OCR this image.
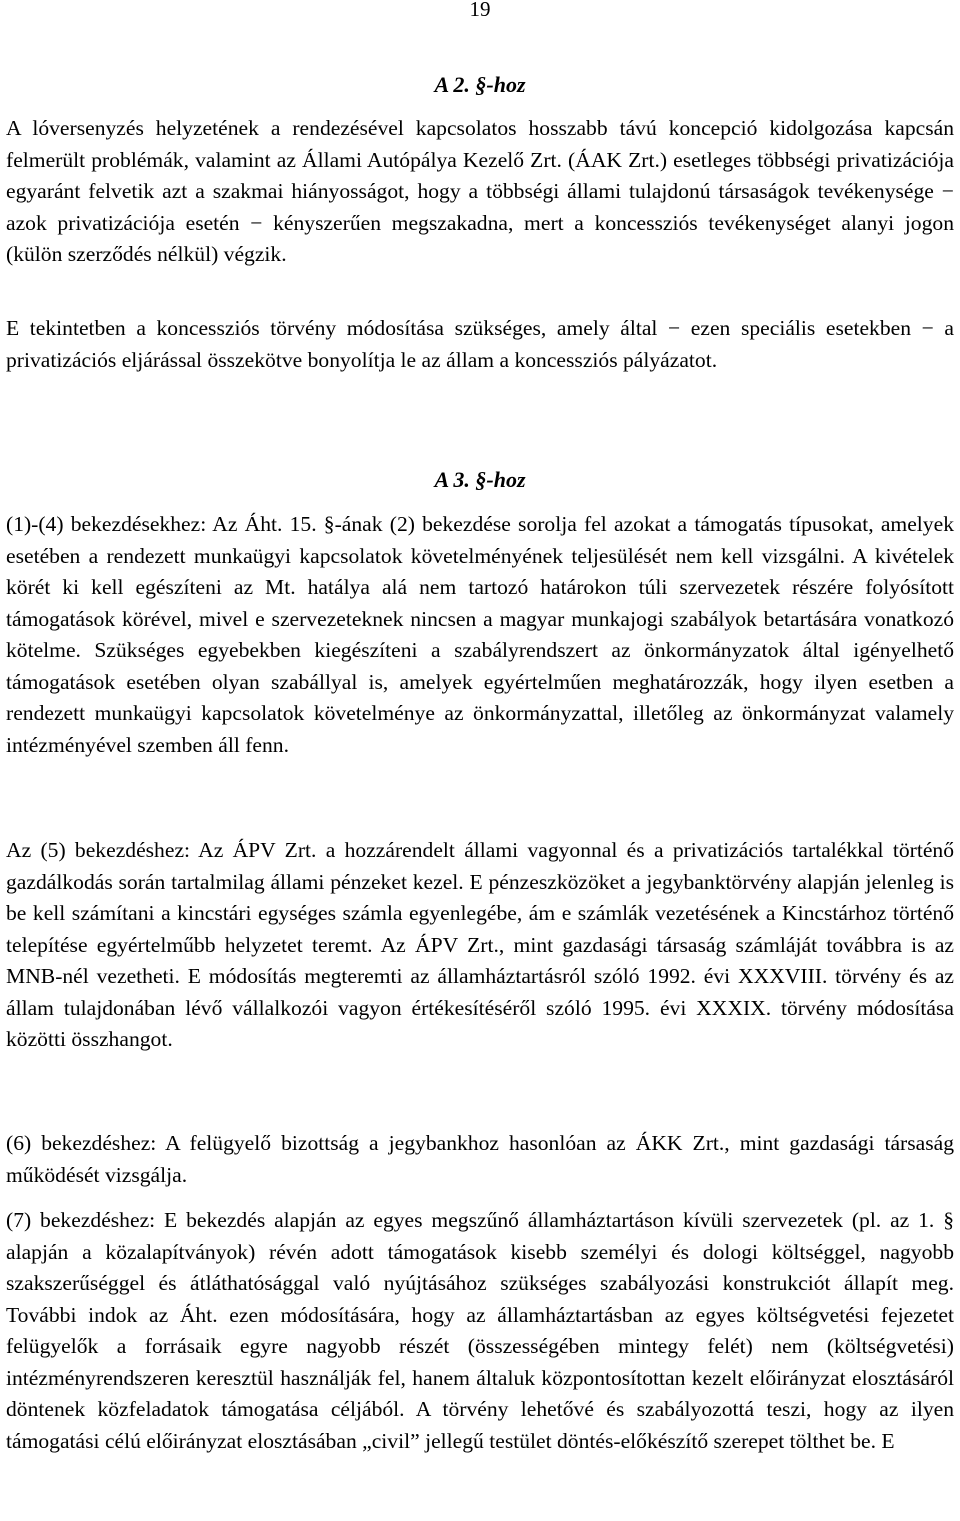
19
A 2. §-hoz

A lóversenyzés helyzetének a rendezésével kapcsolatos hosszabb távú koncepció kidolgozása kapcsán felmerült problémák, valamint az Állami Autópálya Kezelő Zrt. (ÁAK Zrt.) esetleges többségi privatizációja egyaránt felvetik azt a szakmai hiányosságot, hogy a többségi állami tulajdonú társaságok tevékenysége − azok privatizációja esetén − kényszerűen megszakadna, mert a koncessziós tevékenységet alanyi jogon (külön szerződés nélkül) végzik.

E tekintetben a koncessziós törvény módosítása szükséges, amely által − ezen speciális esetekben − a privatizációs eljárással összekötve bonyolítja le az állam a koncessziós pályázatot.

A 3. §-hoz

(1)-(4) bekezdésekhez: Az Áht. 15. §-ának (2) bekezdése sorolja fel azokat a támogatás típusokat, amelyek esetében a rendezett munkaügyi kapcsolatok követelményének teljesülését nem kell vizsgálni. A kivételek körét ki kell egészíteni az Mt. hatálya alá nem tartozó határokon túli szervezetek részére folyósított támogatások körével, mivel e szervezeteknek nincsen a magyar munkajogi szabályok betartására vonatkozó kötelme. Szükséges egyebekben kiegészíteni a szabályrendszert az önkormányzatok által igényelhető támogatások esetében olyan szabállyal is, amelyek egyértelműen meghatározzák, hogy ilyen esetben a rendezett munkaügyi kapcsolatok követelménye az önkormányzattal, illetőleg az önkormányzat valamely intézményével szemben áll fenn.

Az (5) bekezdéshez: Az ÁPV Zrt. a hozzárendelt állami vagyonnal és a privatizációs tartalékkal történő gazdálkodás során tartalmilag állami pénzeket kezel. E pénzeszközöket a jegybanktörvény alapján jelenleg is be kell számítani a kincstári egységes számla egyenlegébe, ám e számlák vezetésének a Kincstárhoz történő telepítése egyértelműbb helyzetet teremt. Az ÁPV Zrt., mint gazdasági társaság számláját továbbra is az MNB-nél vezetheti. E módosítás megteremti az államháztartásról szóló 1992. évi XXXVIII. törvény és az állam tulajdonában lévő vállalkozói vagyon értékesítéséről szóló 1995. évi XXXIX. törvény módosítása közötti összhangot.

(6) bekezdéshez: A felügyelő bizottság a jegybankhoz hasonlóan az ÁKK Zrt., mint gazdasági társaság működését vizsgálja.

(7) bekezdéshez: E bekezdés alapján az egyes megszűnő államháztartáson kívüli szervezetek (pl. az 1. § alapján a közalapítványok) révén adott támogatások kisebb személyi és dologi költséggel, nagyobb szakszerűséggel és átláthatósággal való nyújtásához szükséges szabályozási konstrukciót állapít meg. További indok az Áht. ezen módosítására, hogy az államháztartásban az egyes költségvetési fejezetet felügyelők a forrásaik egyre nagyobb részét (összességében mintegy felét) nem (költségvetési) intézményrendszeren keresztül használják fel, hanem általuk központosítottan kezelt előirányzat elosztásáról döntenek közfeladatok támogatása céljából. A törvény lehetővé és szabályozottá teszi, hogy az ilyen támogatási célú előirányzat elosztásában „civil” jellegű testület döntés-előkészítő szerepet tölthet be. E
